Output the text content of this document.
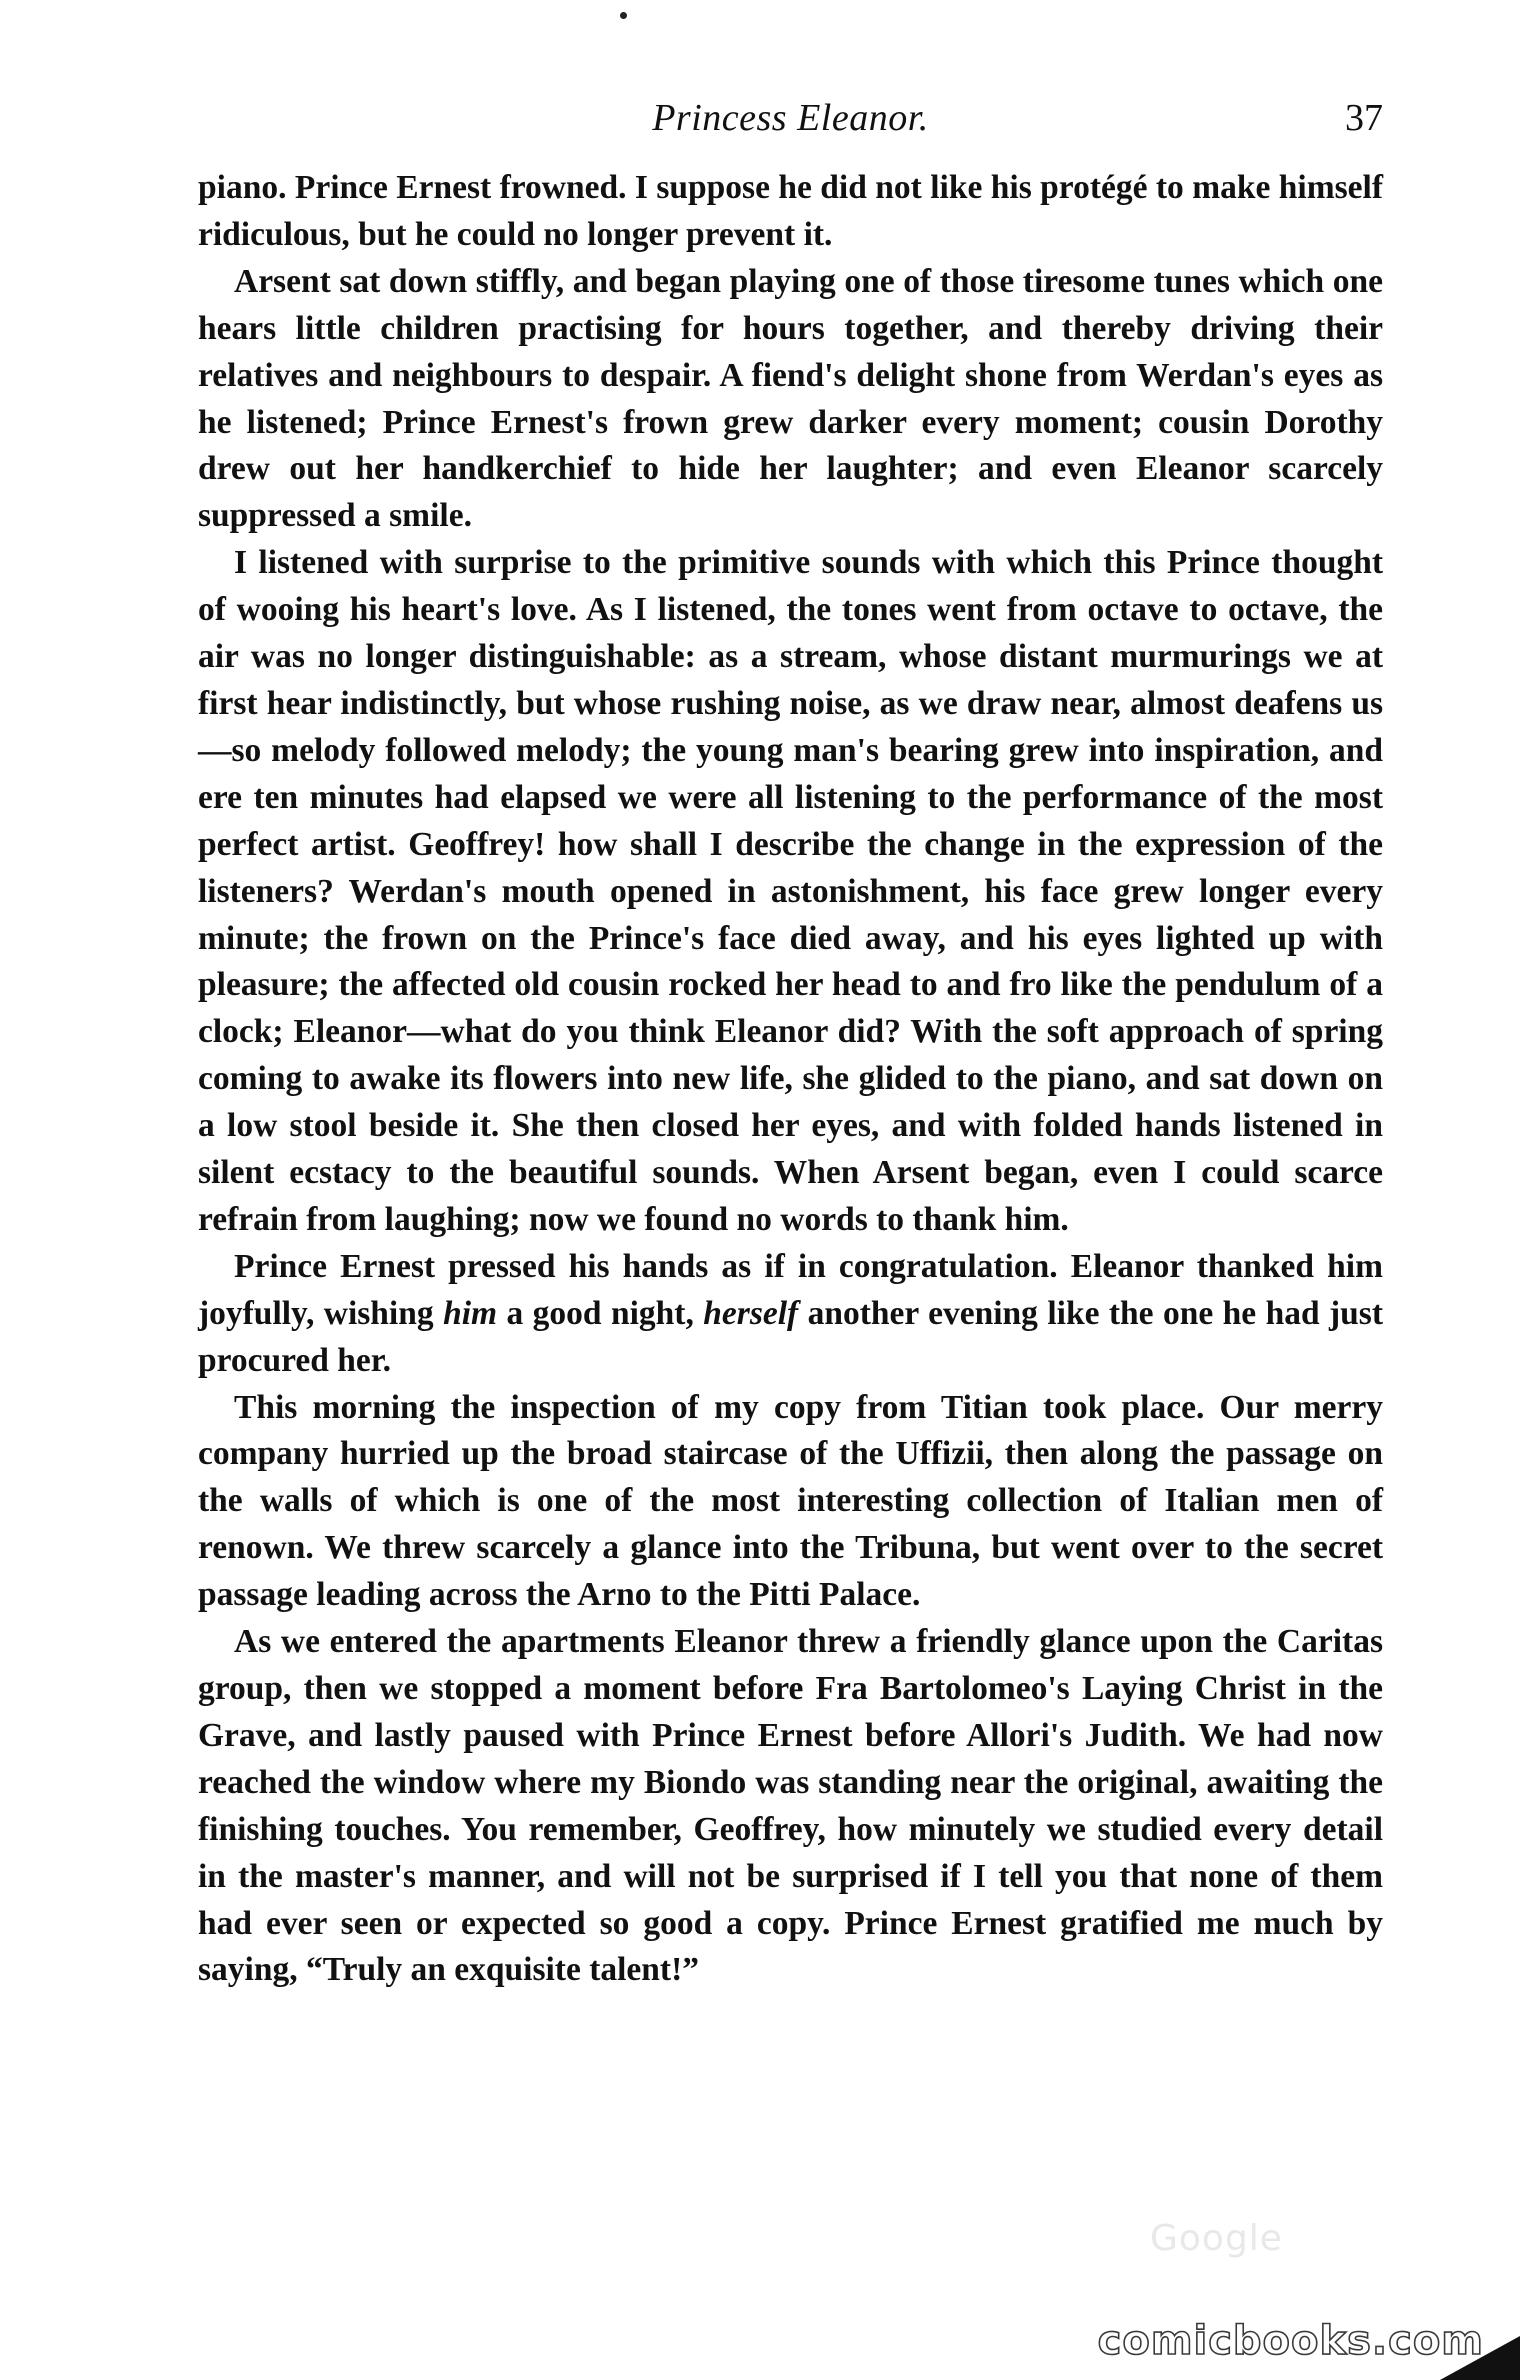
Princess Eleanor.	37

piano. Prince Ernest frowned. I suppose he did not like his protégé to make himself ridiculous, but he could no longer prevent it.

Arsent sat down stiffly, and began playing one of those tiresome tunes which one hears little children practising for hours together, and thereby driving their relatives and neighbours to despair. A fiend's delight shone from Werdan's eyes as he listened; Prince Ernest's frown grew darker every moment; cousin Dorothy drew out her handkerchief to hide her laughter; and even Eleanor scarcely suppressed a smile.

I listened with surprise to the primitive sounds with which this Prince thought of wooing his heart's love. As I listened, the tones went from octave to octave, the air was no longer distinguishable: as a stream, whose distant murmurings we at first hear indistinctly, but whose rushing noise, as we draw near, almost deafens us—so melody followed melody; the young man's bearing grew into inspiration, and ere ten minutes had elapsed we were all listening to the performance of the most perfect artist. Geoffrey! how shall I describe the change in the expression of the listeners? Werdan's mouth opened in astonishment, his face grew longer every minute; the frown on the Prince's face died away, and his eyes lighted up with pleasure; the affected old cousin rocked her head to and fro like the pendulum of a clock; Eleanor—what do you think Eleanor did? With the soft approach of spring coming to awake its flowers into new life, she glided to the piano, and sat down on a low stool beside it. She then closed her eyes, and with folded hands listened in silent ecstacy to the beautiful sounds. When Arsent began, even I could scarce refrain from laughing; now we found no words to thank him.

Prince Ernest pressed his hands as if in congratulation. Eleanor thanked him joyfully, wishing him a good night, herself another evening like the one he had just procured her.

This morning the inspection of my copy from Titian took place. Our merry company hurried up the broad staircase of the Uffizii, then along the passage on the walls of which is one of the most interesting collection of Italian men of renown. We threw scarcely a glance into the Tribuna, but went over to the secret passage leading across the Arno to the Pitti Palace.

As we entered the apartments Eleanor threw a friendly glance upon the Caritas group, then we stopped a moment before Fra Bartolomeo's Laying Christ in the Grave, and lastly paused with Prince Ernest before Allori's Judith. We had now reached the window where my Biondo was standing near the original, awaiting the finishing touches. You remember, Geoffrey, how minutely we studied every detail in the master's manner, and will not be surprised if I tell you that none of them had ever seen or expected so good a copy. Prince Ernest gratified me much by saying, “Truly an exquisite talent!”

Google
comicbooks.com
